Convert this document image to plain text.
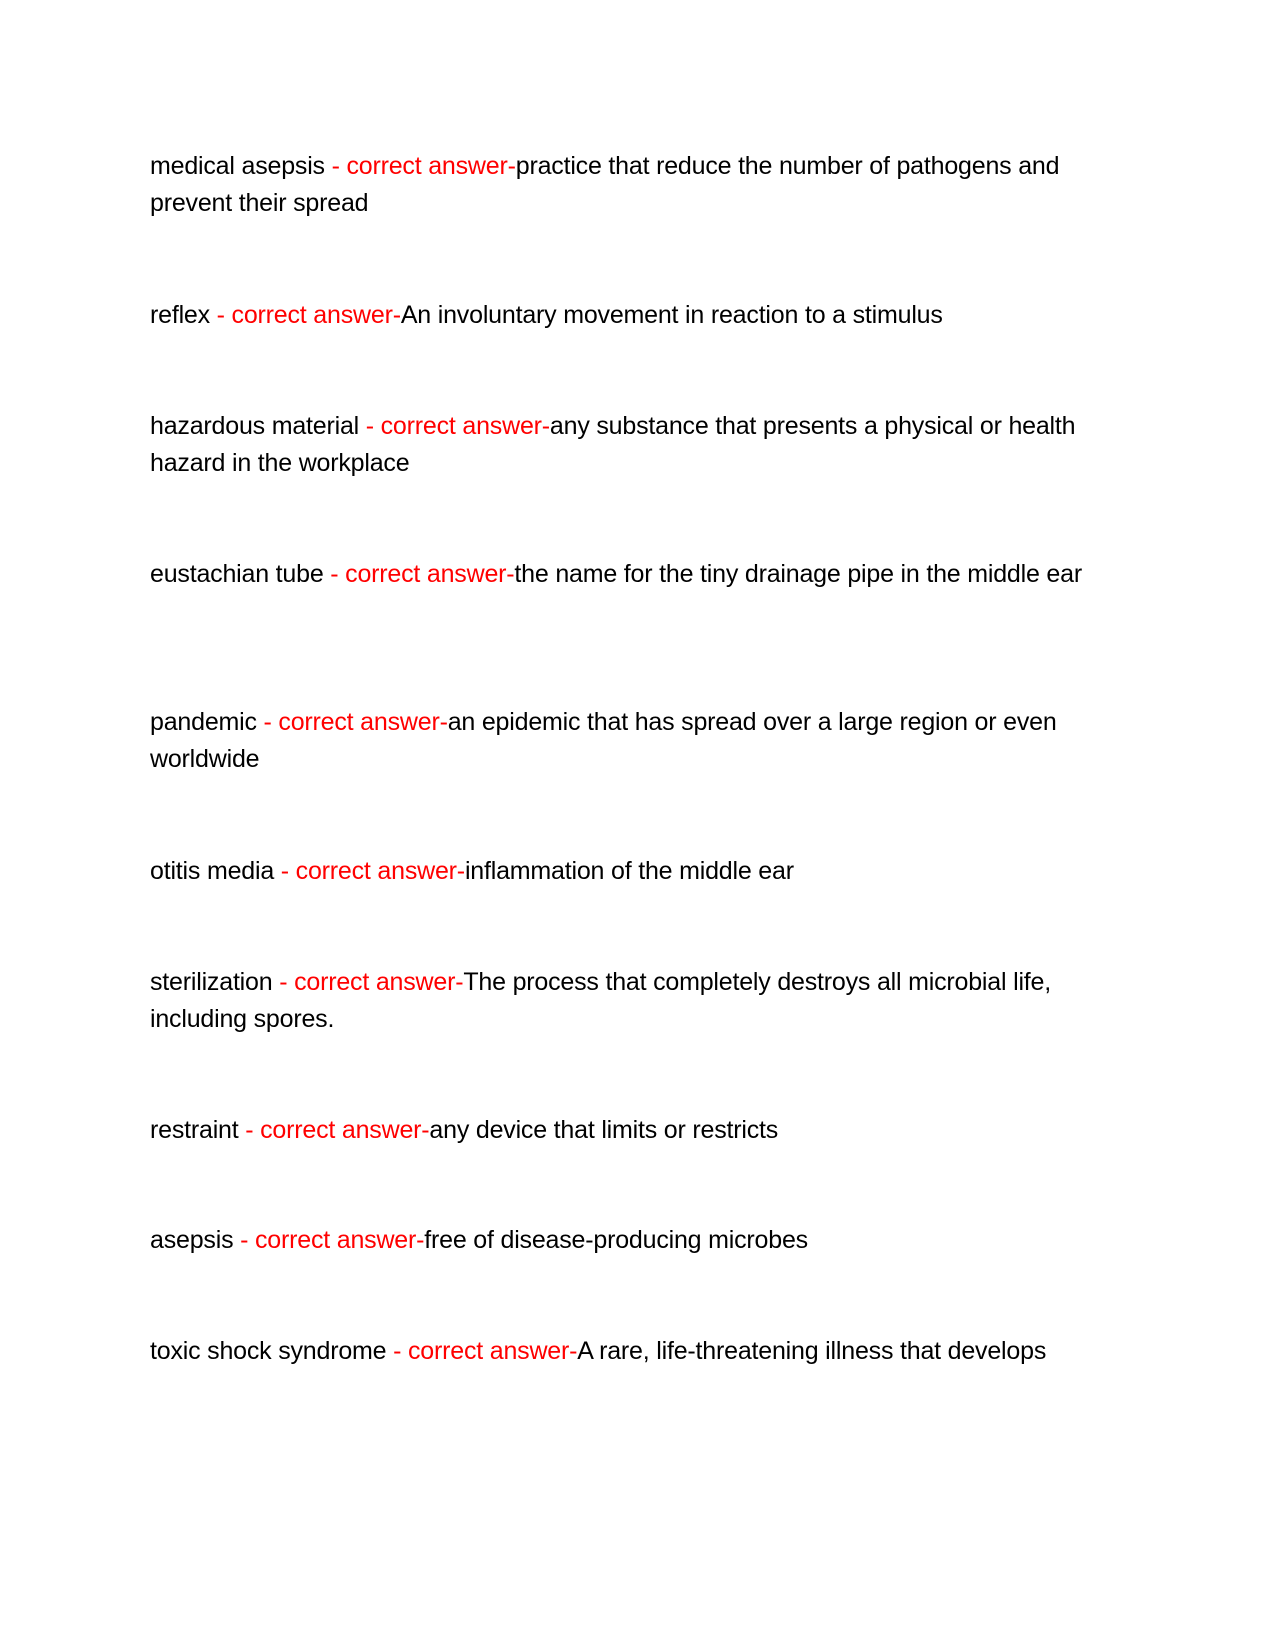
medical asepsis - correct answer-practice that reduce the number of pathogens and prevent their spread
reflex - correct answer-An involuntary movement in reaction to a stimulus
hazardous material - correct answer-any substance that presents a physical or health hazard in the workplace
eustachian tube - correct answer-the name for the tiny drainage pipe in the middle ear
pandemic - correct answer-an epidemic that has spread over a large region or even worldwide
otitis media - correct answer-inflammation of the middle ear
sterilization - correct answer-The process that completely destroys all microbial life, including spores.
restraint - correct answer-any device that limits or restricts
asepsis - correct answer-free of disease-producing microbes
toxic shock syndrome - correct answer-A rare, life-threatening illness that develops
